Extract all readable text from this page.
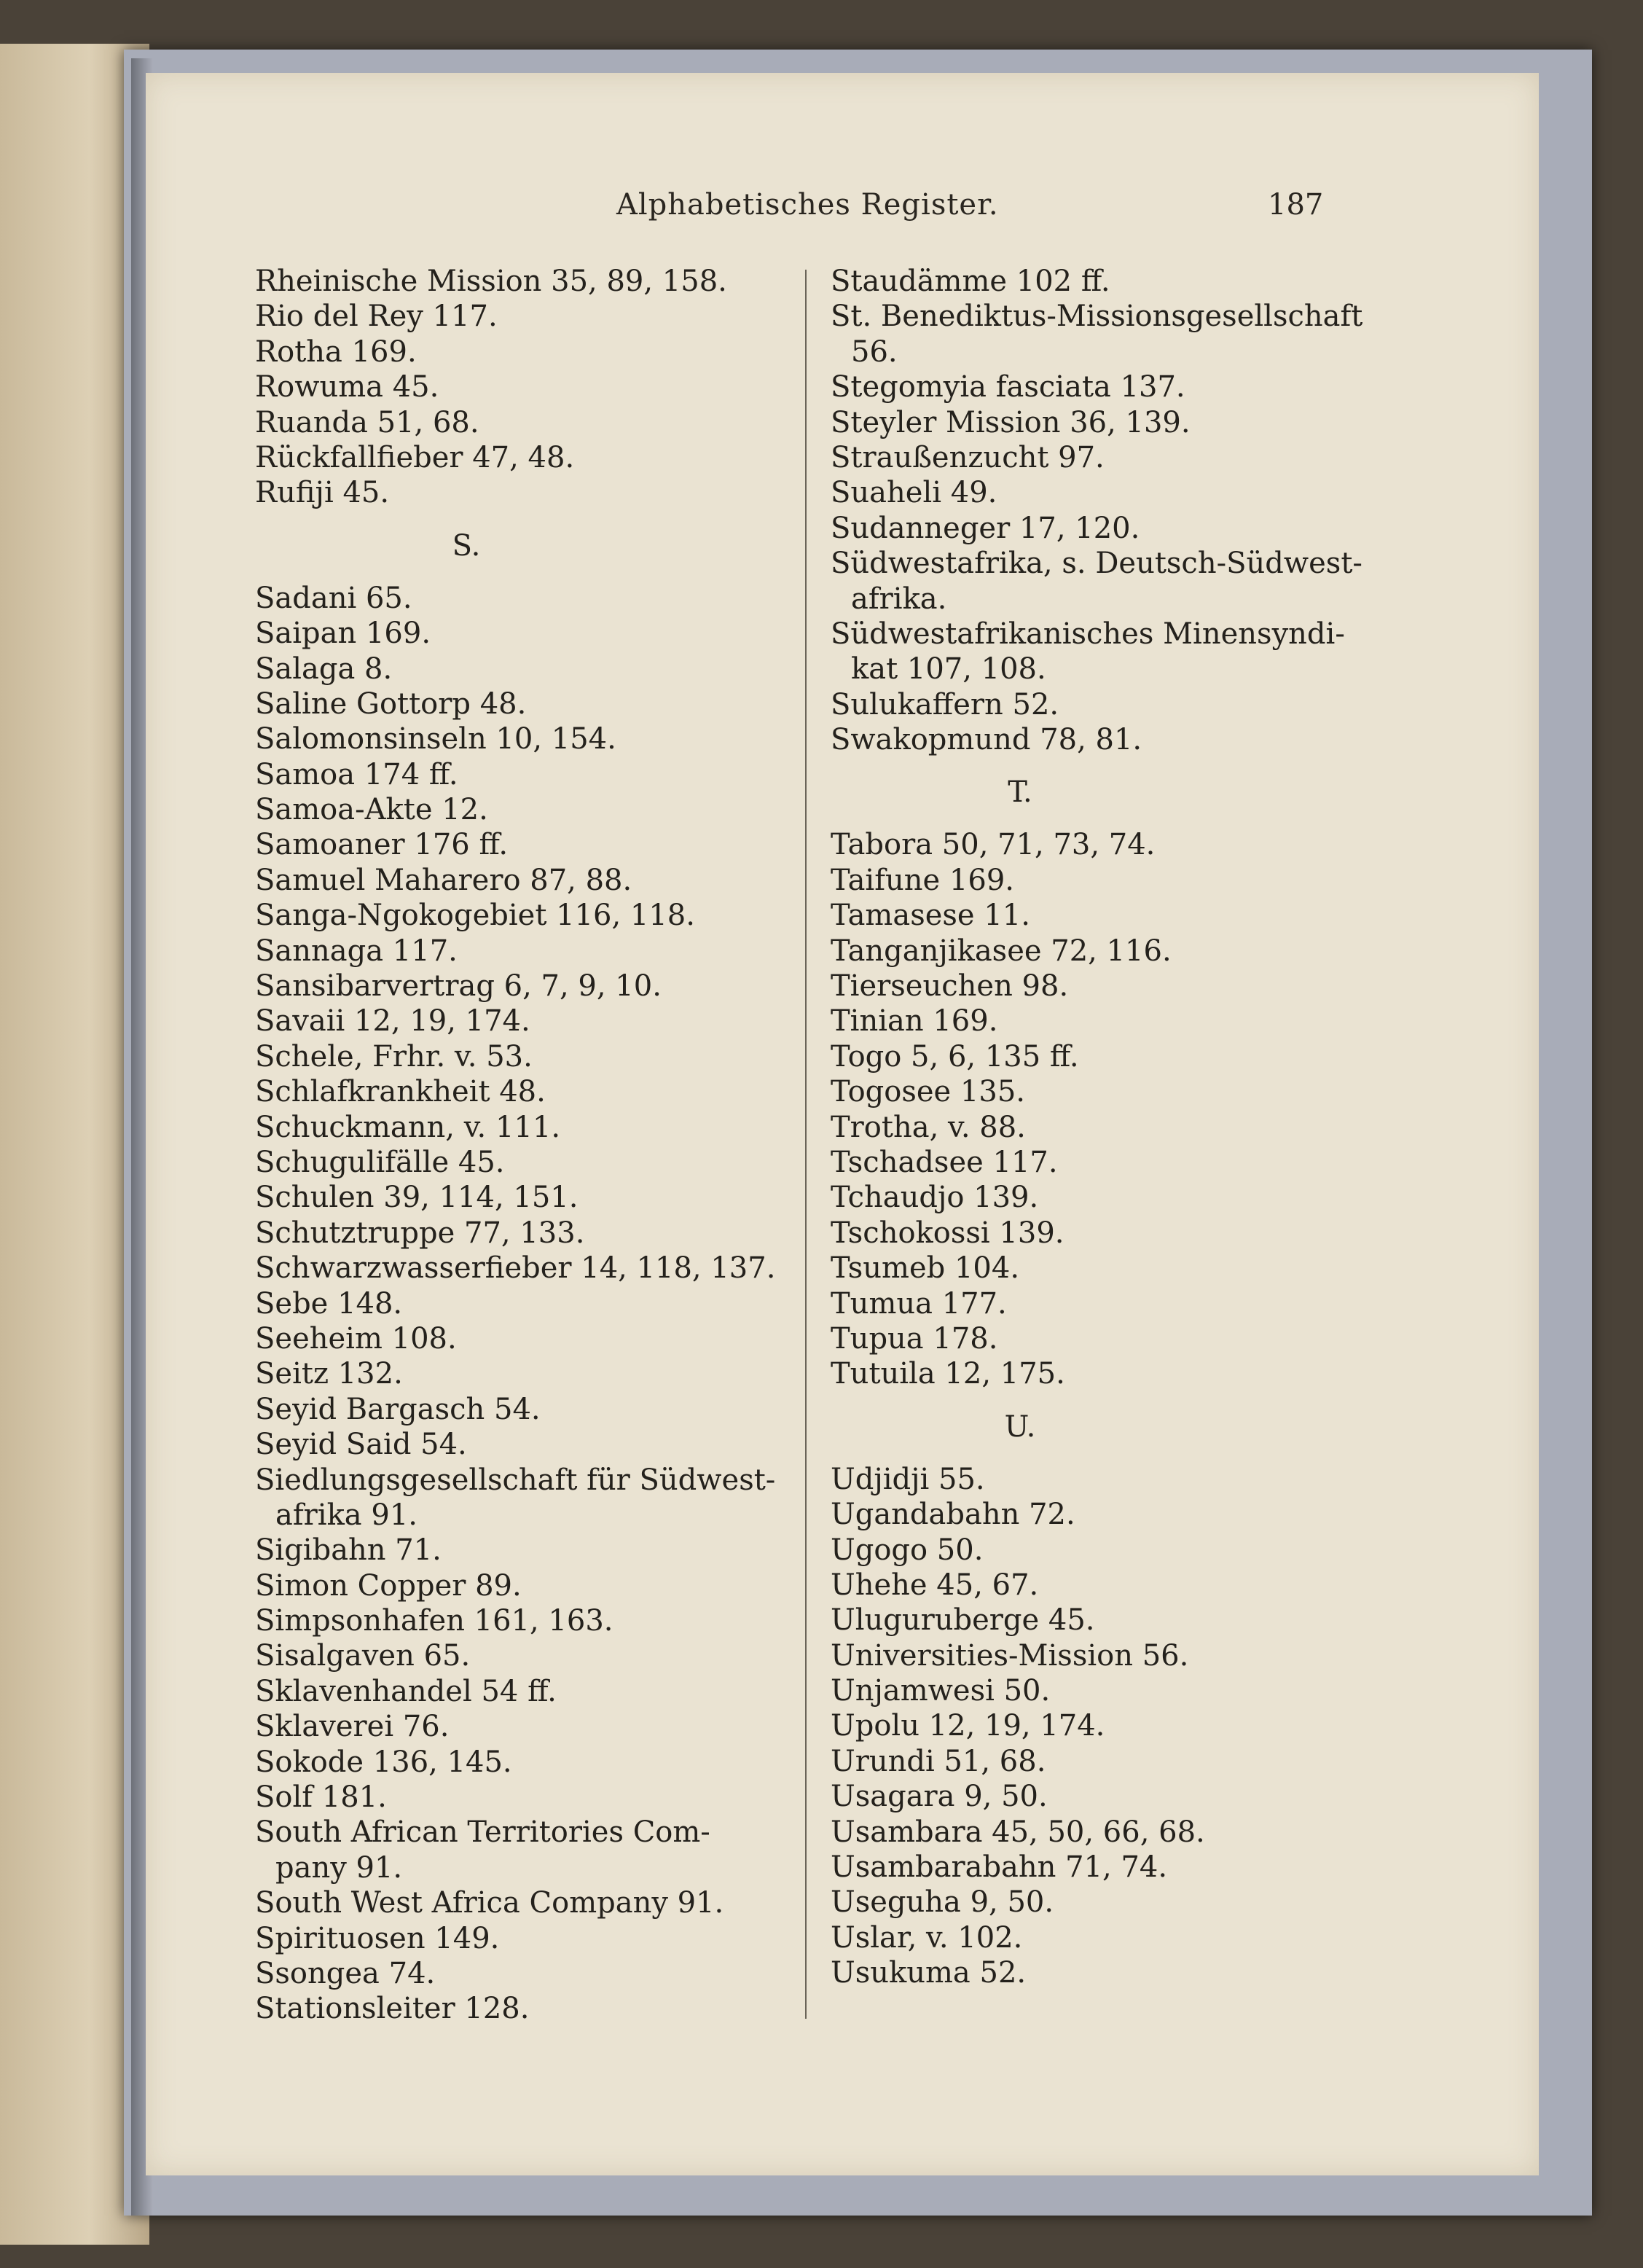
Alphabetisches Register.	187
Rheinische Mission 35, 89, 158.
Rio del Rey 117.
Rotha 169.
Rowuma 45.
Ruanda 51, 68.
Rückfallfieber 47, 48.
Rufiji 45.
S.
Sadani 65.
Saipan 169.
Salaga 8.
Saline Gottorp 48.
Salomonsinseln 10, 154.
Samoa 174 ff.
Samoa-Akte 12.
Samoaner 176 ff.
Samuel Maharero 87, 88.
Sanga-Ngokogebiet 116, 118.
Sannaga 117.
Sansibarvertrag 6, 7, 9, 10.
Savaii 12, 19, 174.
Schele, Frhr. v. 53.
Schlafkrankheit 48.
Schuckmann, v. 111.
Schugulifälle 45.
Schulen 39, 114, 151.
Schutztruppe 77, 133.
Schwarzwasserfieber 14, 118, 137.
Sebe 148.
Seeheim 108.
Seitz 132.
Seyid Bargasch 54.
Seyid Said 54.
Siedlungsgesellschaft für Südwest-
afrika 91.
Sigibahn 71.
Simon Copper 89.
Simpsonhafen 161, 163.
Sisalgaven 65.
Sklavenhandel 54 ff.
Sklaverei 76.
Sokode 136, 145.
Solf 181.
South African Territories Com-
pany 91.
South West Africa Company 91.
Spirituosen 149.
Ssongea 74.
Stationsleiter 128.
Staudämme 102 ff.
St. Benediktus-Missionsgesellschaft
56.
Stegomyia fasciata 137.
Steyler Mission 36, 139.
Straußenzucht 97.
Suaheli 49.
Sudanneger 17, 120.
Südwestafrika, s. Deutsch-Südwest-
afrika.
Südwestafrikanisches Minensyndi-
kat 107, 108.
Sulukaffern 52.
Swakopmund 78, 81.
T.
Tabora 50, 71, 73, 74.
Taifune 169.
Tamasese 11.
Tanganjikasee 72, 116.
Tierseuchen 98.
Tinian 169.
Togo 5, 6, 135 ff.
Togosee 135.
Trotha, v. 88.
Tschadsee 117.
Tchaudjo 139.
Tschokossi 139.
Tsumeb 104.
Tumua 177.
Tupua 178.
Tutuila 12, 175.
U.
Udjidji 55.
Ugandabahn 72.
Ugogo 50.
Uhehe 45, 67.
Uluguruberge 45.
Universities-Mission 56.
Unjamwesi 50.
Upolu 12, 19, 174.
Urundi 51, 68.
Usagara 9, 50.
Usambara 45, 50, 66, 68.
Usambarabahn 71, 74.
Useguha 9, 50.
Uslar, v. 102.
Usukuma 52.
